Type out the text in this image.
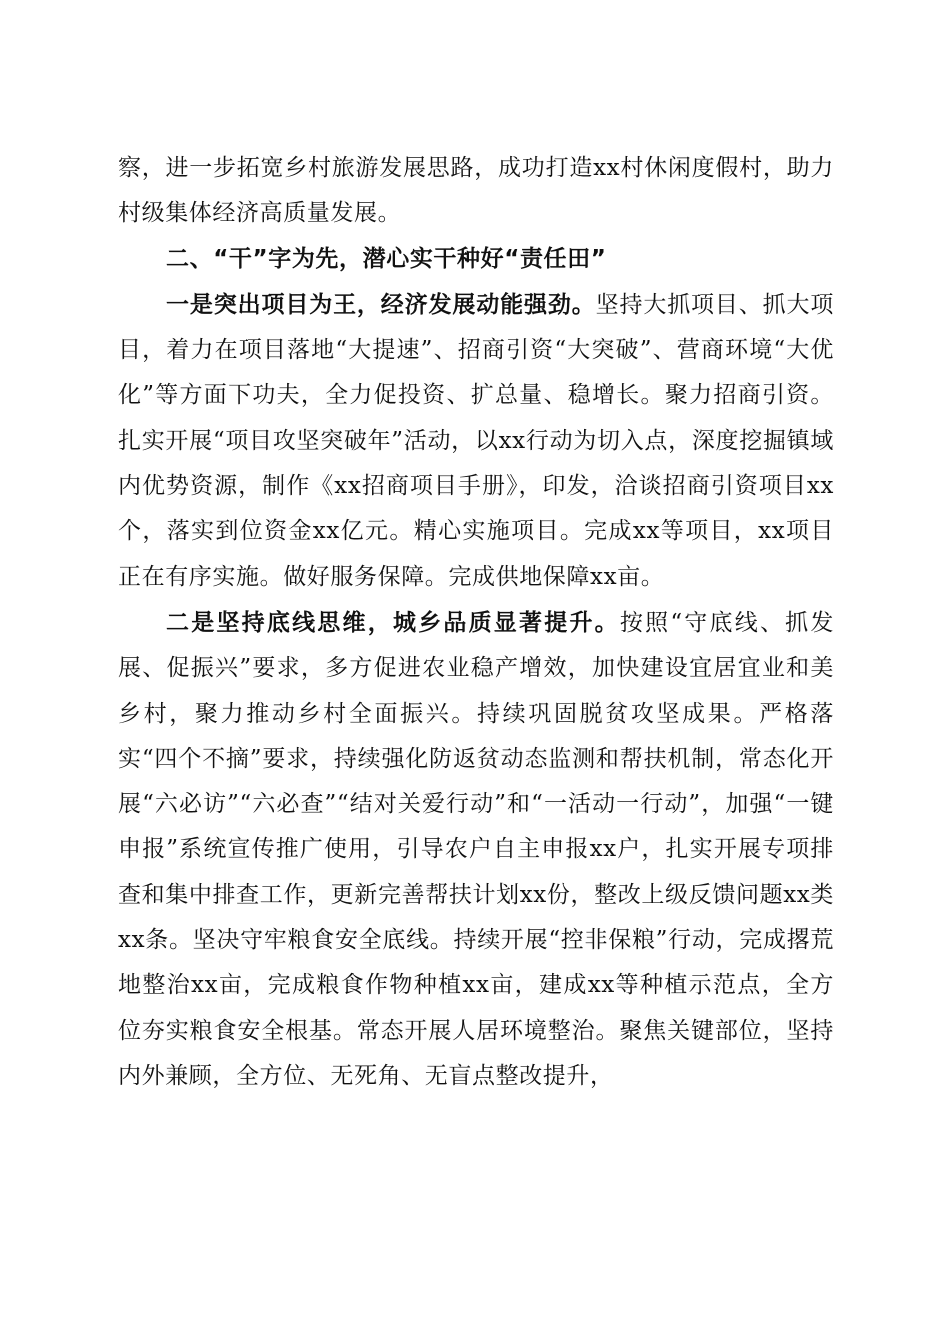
察，进一步拓宽乡村旅游发展思路，成功打造xx村休闲度假村，助力村级集体经济高质量发展。

二、“干”字为先，潜心实干种好“责任田”

一是突出项目为王，经济发展动能强劲。坚持大抓项目、抓大项目，着力在项目落地“大提速”、招商引资“大突破”、营商环境“大优化”等方面下功夫，全力促投资、扩总量、稳增长。聚力招商引资。扎实开展“项目攻坚突破年”活动，以xx行动为切入点，深度挖掘镇域内优势资源，制作《xx招商项目手册》，印发，洽谈招商引资项目xx个，落实到位资金xx亿元。精心实施项目。完成xx等项目，xx项目正在有序实施。做好服务保障。完成供地保障xx亩。

二是坚持底线思维，城乡品质显著提升。按照“守底线、抓发展、促振兴”要求，多方促进农业稳产增效，加快建设宜居宜业和美乡村，聚力推动乡村全面振兴。持续巩固脱贫攻坚成果。严格落实“四个不摘”要求，持续强化防返贫动态监测和帮扶机制，常态化开展“六必访”“六必查”“结对关爱行动”和“一活动一行动”，加强“一键申报”系统宣传推广使用，引导农户自主申报xx户，扎实开展专项排查和集中排查工作，更新完善帮扶计划xx份，整改上级反馈问题xx类xx条。坚决守牢粮食安全底线。持续开展“控非保粮”行动，完成撂荒地整治xx亩，完成粮食作物种植xx亩，建成xx等种植示范点，全方位夯实粮食安全根基。常态开展人居环境整治。聚焦关键部位，坚持内外兼顾，全方位、无死角、无盲点整改提升，
